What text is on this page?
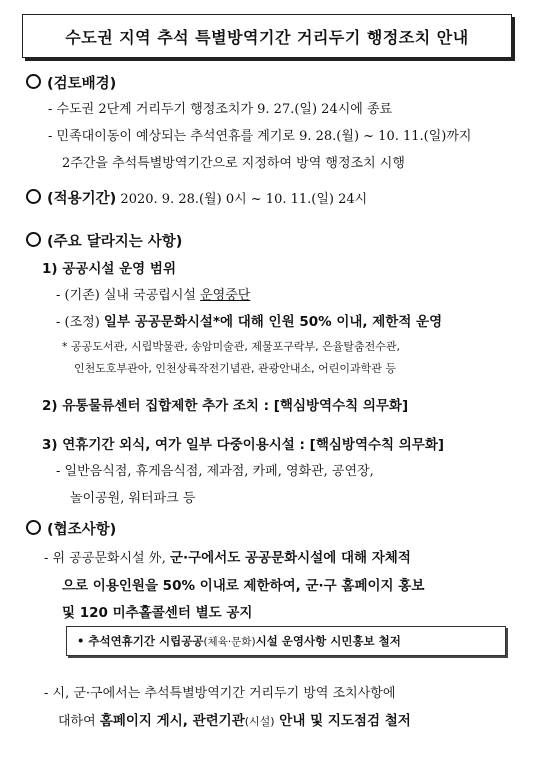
수도권 지역 추석 특별방역기간 거리두기 행정조치 안내
(검토배경)
- 수도권 2단계 거리두기 행정조치가 9. 27.(일) 24시에 종료
- 민족대이동이 예상되는 추석연휴를 계기로 9. 28.(월) ~ 10. 11.(일)까지
2주간을 추석특별방역기간으로 지정하여 방역 행정조치 시행
(적용기간) 2020. 9. 28.(월) 0시 ~ 10. 11.(일) 24시
(주요 달라지는 사항)
1) 공공시설 운영 범위
- (기존) 실내 국공립시설 운영중단
- (조정) 일부 공공문화시설*에 대해 인원 50% 이내, 제한적 운영
* 공공도서관, 시립박물관, 송암미술관, 제물포구락부, 은율탈춤전수관,
인천도호부관아, 인천상륙작전기념관, 관광안내소, 어린이과학관 등
2) 유통물류센터 집합제한 추가 조치 : [핵심방역수칙 의무화]
3) 연휴기간 외식, 여가 일부 다중이용시설 : [핵심방역수칙 의무화]
- 일반음식점, 휴게음식점, 제과점, 카페, 영화관, 공연장,
놀이공원, 워터파크 등
(협조사항)
- 위 공공문화시설 外, 군·구에서도 공공문화시설에 대해 자체적
으로 이용인원을 50% 이내로 제한하여, 군·구 홈페이지 홍보
및 120 미추홀콜센터 별도 공지
• 추석연휴기간 시립공공 (체육·문화) 시설 운영사항 시민홍보 철저
- 시, 군·구에서는 추석특별방역기간 거리두기 방역 조치사항에
대하여 홈페이지 게시, 관련기관(시설) 안내 및 지도점검 철저
